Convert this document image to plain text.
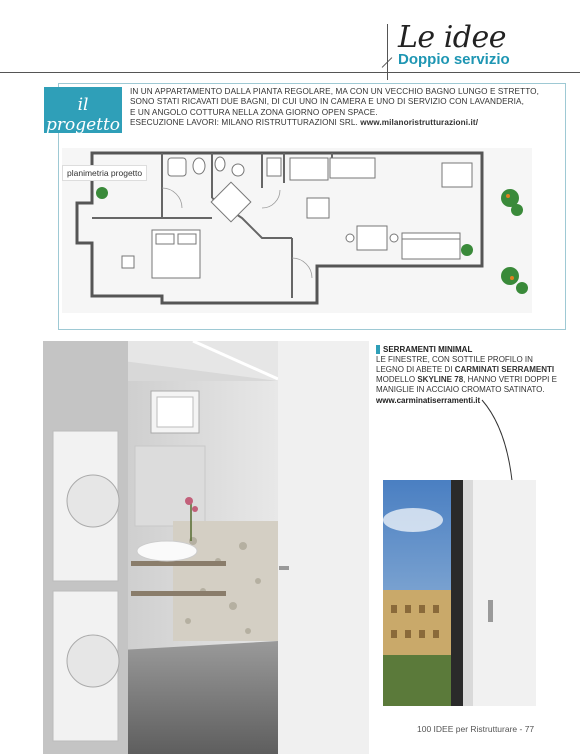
Le idee
Doppio servizio
il progetto
IN UN APPARTAMENTO DALLA PIANTA REGOLARE, MA CON UN VECCHIO BAGNO LUNGO E STRETTO,
SONO STATI RICAVATI DUE BAGNI, DI CUI UNO IN CAMERA E UNO DI SERVIZIO CON LAVANDERIA,
E UN ANGOLO COTTURA NELLA ZONA GIORNO OPEN SPACE.
ESECUZIONE LAVORI: MILANO RISTRUTTURAZIONI SRL. www.milanoristrutturazioni.it/
planimetria progetto
SERRAMENTI MINIMAL
LE FINESTRE, CON SOTTILE PROFILO IN
LEGNO DI ABETE DI CARMINATI SERRAMENTI
MODELLO SKYLINE 78, HANNO VETRI DOPPI E
MANIGLIE IN ACCIAIO CROMATO SATINATO.
www.carminatiserramenti.it
100 IDEE per Ristrutturare - 77
